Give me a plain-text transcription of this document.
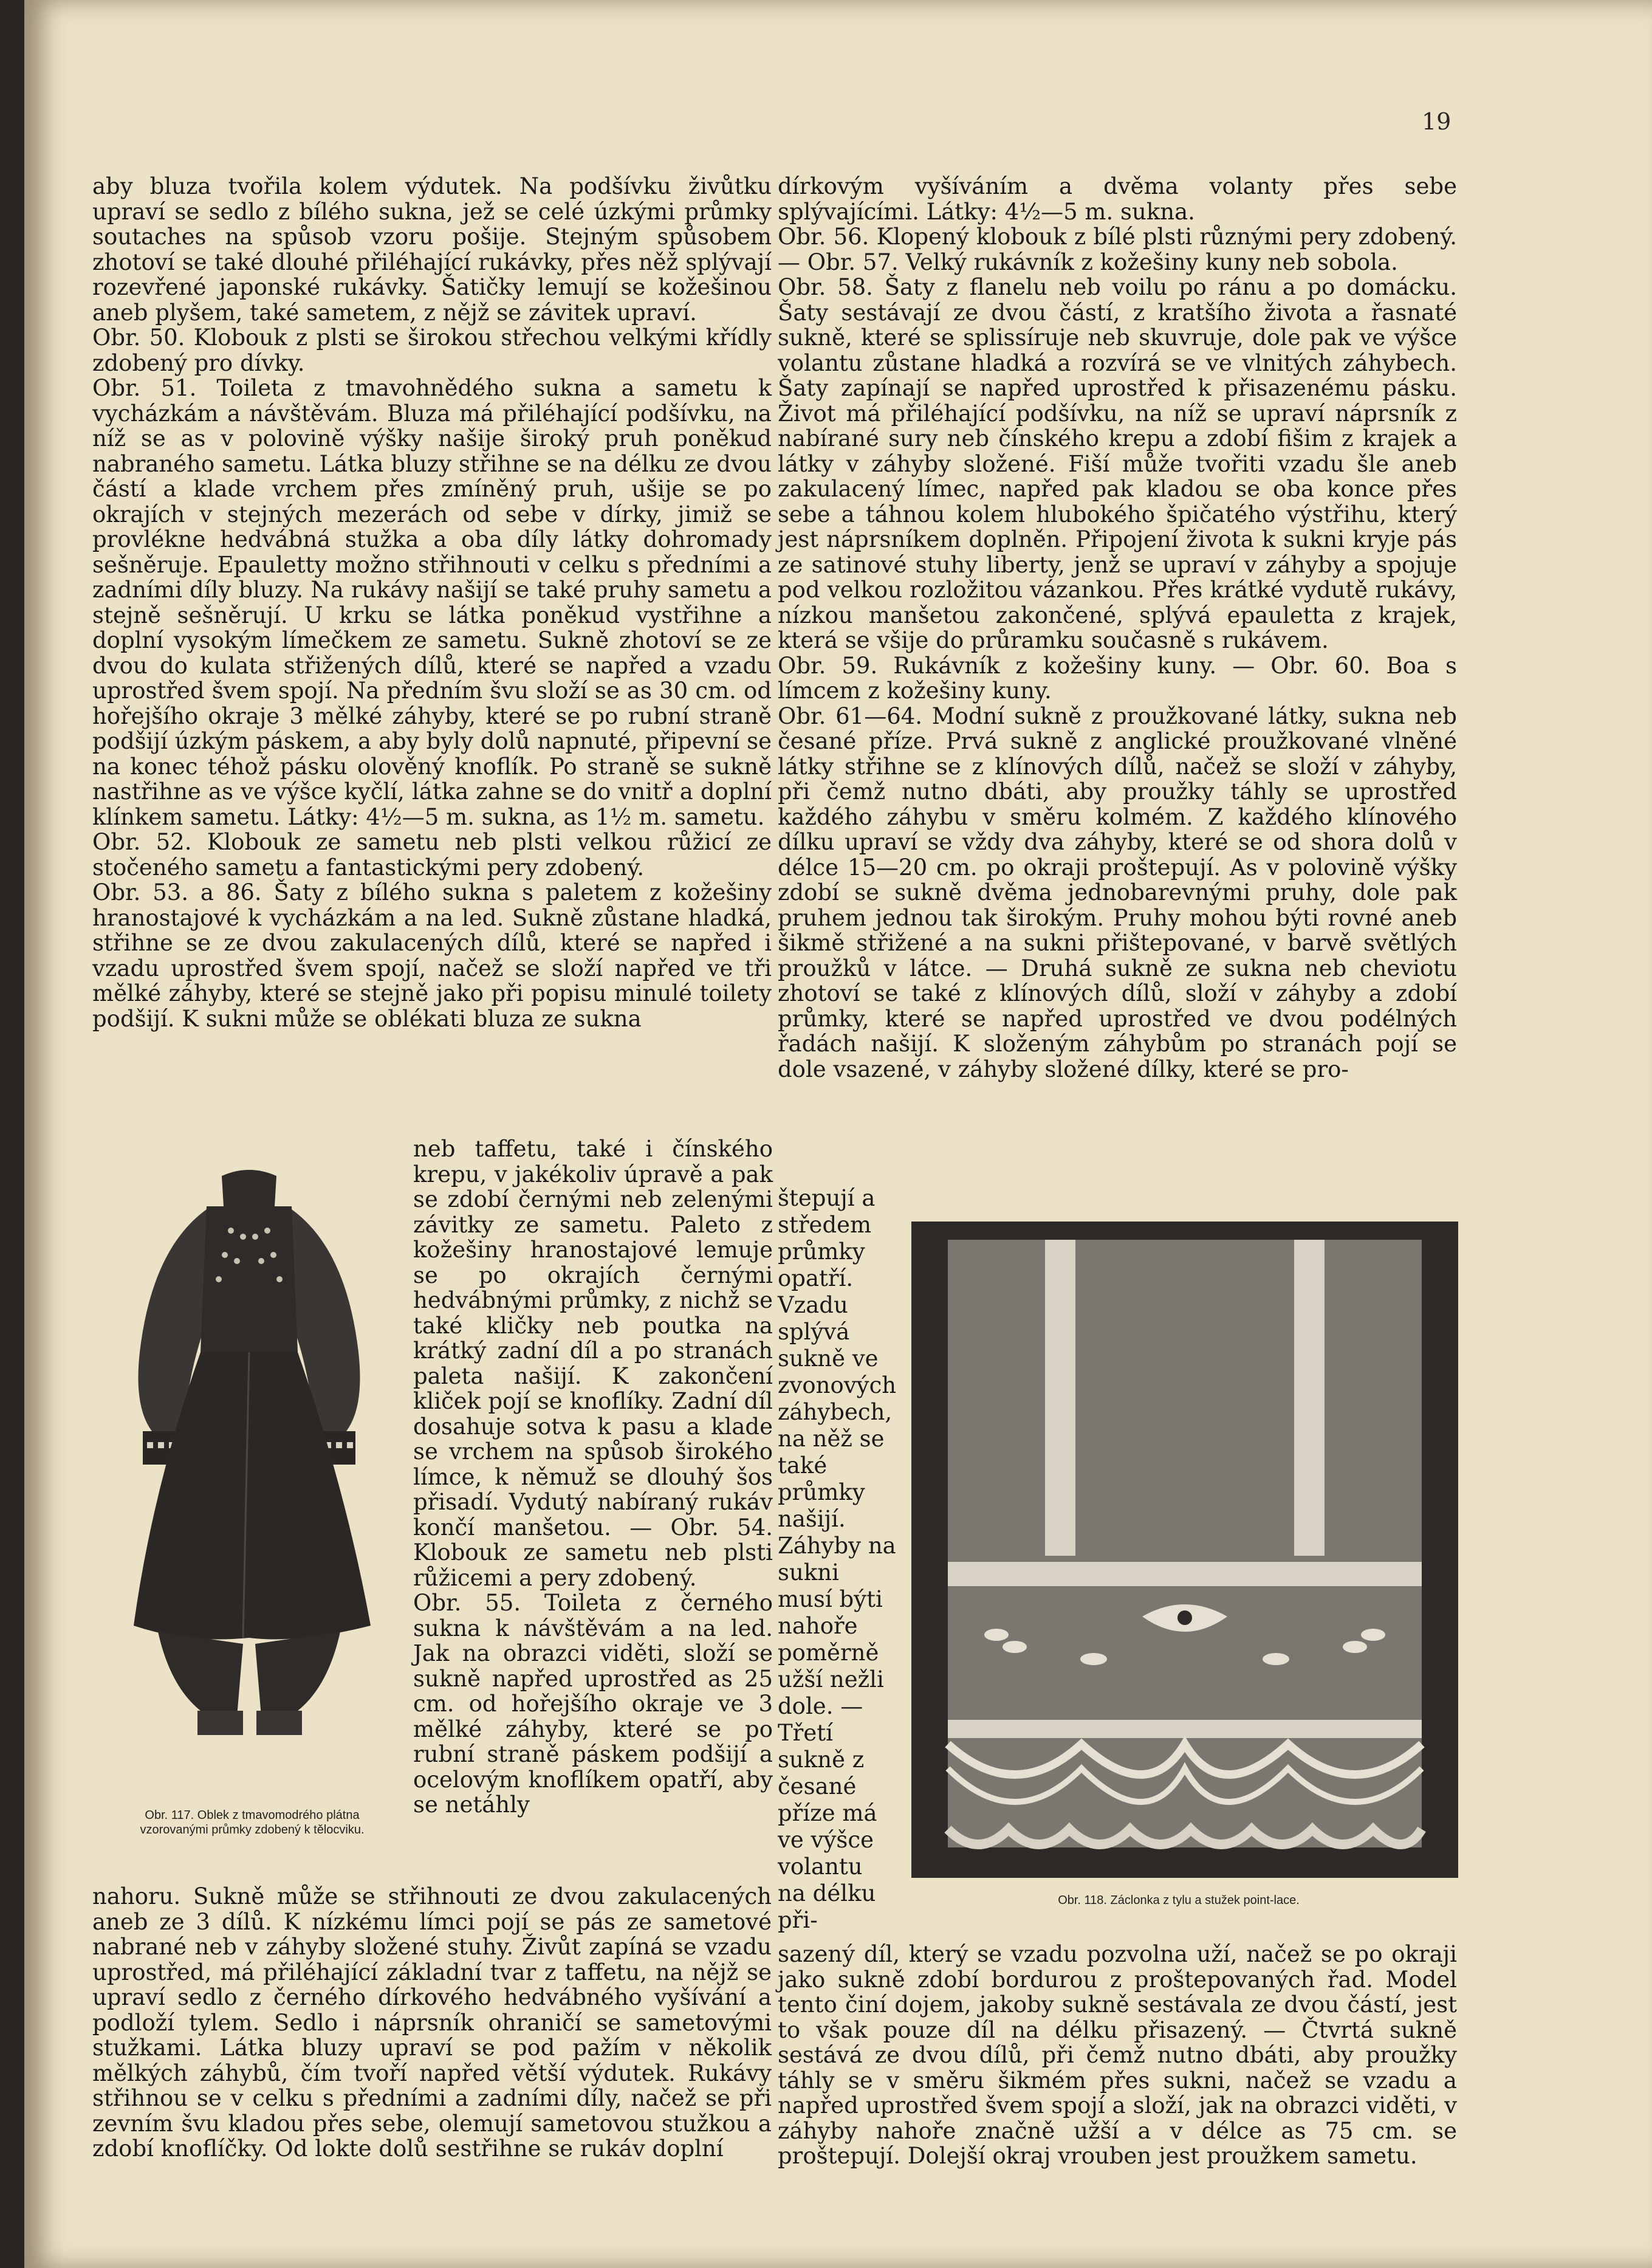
19

aby bluza tvořila kolem výdutek. Na podšívku živůtku upraví se sedlo z bílého sukna, jež se celé úzkými průmky soutaches na spůsob vzoru pošije. Stejným spůsobem zhotoví se také dlouhé přiléhající rukávky, přes něž splývají rozevřené japonské rukávky. Šatičky lemují se kožešinou aneb plyšem, také sametem, z nějž se závitek upraví.

Obr. 50. Klobouk z plsti se širokou střechou velkými křídly zdobený pro dívky.

Obr. 51. Toileta z tmavohnědého sukna a sametu k vycházkám a návštěvám. Bluza má přiléhající podšívku, na níž se as v polovině výšky našije široký pruh poněkud nabraného sametu. Látka bluzy střihne se na délku ze dvou částí a klade vrchem přes zmíněný pruh, ušije se po okrajích v stejných mezerách od sebe v dírky, jimiž se provlékne hedvábná stužka a oba díly látky dohromady sešněruje. Epauletty možno střihnouti v celku s předními a zadními díly bluzy. Na rukávy našijí se také pruhy sametu a stejně sešněrují. U krku se látka poněkud vystřihne a doplní vysokým límečkem ze sametu. Sukně zhotoví se ze dvou do kulata střižených dílů, které se napřed a vzadu uprostřed švem spojí. Na předním švu složí se as 30 cm. od hořejšího okraje 3 mělké záhyby, které se po rubní straně podšijí úzkým páskem, a aby byly dolů napnuté, připevní se na konec téhož pásku olověný knoflík. Po straně se sukně nastřihne as ve výšce kyčlí, látka zahne se do vnitř a doplní klínkem sametu. Látky: 4½—5 m. sukna, as 1½ m. sametu.

Obr. 52. Klobouk ze sametu neb plsti velkou růžicí ze stočeného sametu a fantastickými pery zdobený.

Obr. 53. a 86. Šaty z bílého sukna s paletem z kožešiny hranostajové k vycházkám a na led. Sukně zůstane hladká, střihne se ze dvou zakulacených dílů, které se napřed i vzadu uprostřed švem spojí, načež se složí napřed ve tři mělké záhyby, které se stejně jako při popisu minulé toilety podšijí. K sukni může se oblékati bluza ze sukna

neb taffetu, také i čínského krepu, v jakékoliv úpravě a pak se zdobí černými neb zelenými závitky ze sametu. Paleto z kožešiny hranostajové lemuje se po okrajích černými hedvábnými průmky, z nichž se také kličky neb poutka na krátký zadní díl a po stranách paleta našijí. K zakončení kliček pojí se knoflíky. Zadní díl dosahuje sotva k pasu a klade se vrchem na spůsob širokého límce, k němuž se dlouhý šos přisadí. Vydutý nabíraný rukáv končí manšetou. — Obr. 54. Klobouk ze sametu neb plsti růžicemi a pery zdobený.

Obr. 55. Toileta z černého sukna k návštěvám a na led. Jak na obrazci viděti, složí se sukně napřed uprostřed as 25 cm. od hořejšího okraje ve 3 mělké záhyby, které se po rubní straně páskem podšijí a ocelovým knoflíkem opatří, aby se netáhly

Obr. 117. Oblek z tmavomodrého plátna vzorovanými průmky zdobený k tělocviku.

nahoru. Sukně může se střihnouti ze dvou zakulacených aneb ze 3 dílů. K nízkému límci pojí se pás ze sametové nabrané neb v záhyby složené stuhy. Živůt zapíná se vzadu uprostřed, má přiléhající základní tvar z taffetu, na nějž se upraví sedlo z černého dírkového hedvábného vyšívání a podloží tylem. Sedlo i náprsník ohraničí se sametovými stužkami. Látka bluzy upraví se pod pažím v několik mělkých záhybů, čím tvoří napřed větší výdutek. Rukávy střihnou se v celku s předními a zadními díly, načež se při zevním švu kladou přes sebe, olemují sametovou stužkou a zdobí knoflíčky. Od lokte dolů sestřihne se rukáv doplní

dírkovým vyšíváním a dvěma volanty přes sebe splývajícími. Látky: 4½—5 m. sukna.

Obr. 56. Klopený klobouk z bílé plsti různými pery zdobený. — Obr. 57. Velký rukávník z kožešiny kuny neb sobola.

Obr. 58. Šaty z flanelu neb voilu po ránu a po domácku. Šaty sestávají ze dvou částí, z kratšího života a řasnaté sukně, které se splissíruje neb skuvruje, dole pak ve výšce volantu zůstane hladká a rozvírá se ve vlnitých záhybech. Šaty zapínají se napřed uprostřed k přisazenému pásku. Život má přiléhající podšívku, na níž se upraví náprsník z nabírané sury neb čínského krepu a zdobí fišim z krajek a látky v záhyby složené. Fiší může tvořiti vzadu šle aneb zakulacený límec, napřed pak kladou se oba konce přes sebe a táhnou kolem hlubokého špičatého výstřihu, který jest náprsníkem doplněn. Připojení života k sukni kryje pás ze satinové stuhy liberty, jenž se upraví v záhyby a spojuje pod velkou rozložitou vázankou. Přes krátké vydutě rukávy, nízkou manšetou zakončené, splývá epauletta z krajek, která se všije do průramku současně s rukávem.

Obr. 59. Rukávník z kožešiny kuny. — Obr. 60. Boa s límcem z kožešiny kuny.

Obr. 61—64. Modní sukně z proužkované látky, sukna neb česané příze. Prvá sukně z anglické proužkované vlněné látky střihne se z klínových dílů, načež se složí v záhyby, při čemž nutno dbáti, aby proužky táhly se uprostřed každého záhybu v směru kolmém. Z každého klínového dílku upraví se vždy dva záhyby, které se od shora dolů v délce 15—20 cm. po okraji proštepují. As v polovině výšky zdobí se sukně dvěma jednobarevnými pruhy, dole pak pruhem jednou tak širokým. Pruhy mohou býti rovné aneb šikmě střižené a na sukni přištepované, v barvě světlých proužků v látce. — Druhá sukně ze sukna neb cheviotu zhotoví se také z klínových dílů, složí v záhyby a zdobí průmky, které se napřed uprostřed ve dvou podélných řadách našijí. K složeným záhybům po stranách pojí se dole vsazené, v záhyby složené dílky, které se pro-

štepují a středem průmky opatří. Vzadu splývá sukně ve zvonových záhybech, na něž se také průmky našijí. Záhyby na sukni musí býti nahoře poměrně užší nežli dole. — Třetí sukně z česané příze má ve výšce volantu na délku při-

Obr. 118. Záclonka z tylu a stužek point-lace.

sazený díl, který se vzadu pozvolna uží, načež se po okraji jako sukně zdobí bordurou z proštepovaných řad. Model tento činí dojem, jakoby sukně sestávala ze dvou částí, jest to však pouze díl na délku přisazený. — Čtvrtá sukně sestává ze dvou dílů, při čemž nutno dbáti, aby proužky táhly se v směru šikmém přes sukni, načež se vzadu a napřed uprostřed švem spojí a složí, jak na obrazci viděti, v záhyby nahoře značně užší a v délce as 75 cm. se proštepují. Dolejší okraj vrouben jest proužkem sametu.
